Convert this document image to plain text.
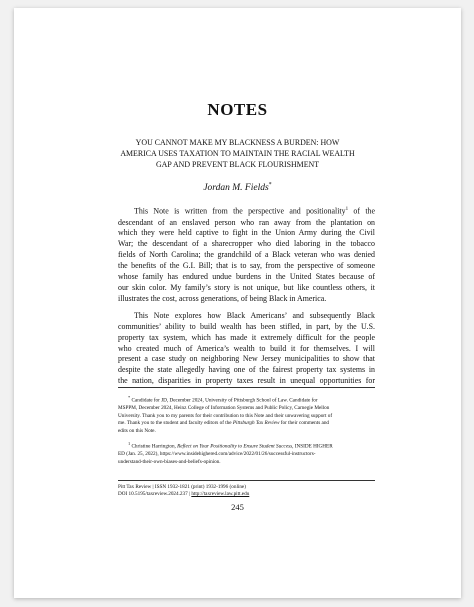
NOTES
YOU CANNOT MAKE MY BLACKNESS A BURDEN: HOW
AMERICA USES TAXATION TO MAINTAIN THE RACIAL WEALTH
GAP AND PREVENT BLACK FLOURISHMENT
Jordan M. Fields*

This Note is written from the perspective and positionality$^1$ of the
descendant of an enslaved person who ran away from the plantation on
which they were held captive to fight in the Union Army during the Civil
War; the descendant of a sharecropper who died laboring in the tobacco
fields of North Carolina; the grandchild of a Black veteran who was denied
the benefits of the G.I. Bill; that is to say, from the perspective of someone
whose family has endured undue burdens in the United States because of
our skin color. My family’s story is not unique, but like countless others, it
illustrates the cost, across generations, of being Black in America.

This Note explores how Black Americans’ and subsequently Black
communities’ ability to build wealth has been stifled, in part, by the U.S.
property tax system, which has made it extremely difficult for the people
who created much of America’s wealth to build it for themselves. I will
present a case study on neighboring New Jersey municipalities to show that
despite the state allegedly having one of the fairest property tax systems in
the nation, disparities in property taxes result in unequal opportunities for

* Candidate for JD, December 2024, University of Pittsburgh School of Law. Candidate for
MSPPM, December 2024, Heinz College of Information Systems and Public Policy, Carnegie Mellon
University. Thank you to my parents for their contribution to this Note and their unwavering support of
me. Thank you to the student and faculty editors of the Pittsburgh Tax Review for their comments and
edits on this Note.

$^1$ Christine Harrington, Reflect on Your Positionality to Ensure Student Success, INSIDE HIGHER
ED (Jan. 25, 2022), https://www.insidehighered.com/advice/2022/01/26/successful-instructors-
understand-their-own-biases-and-beliefs-opinion.

Pitt Tax Review | ISSN 1932-1821 (print) 1932-1996 (online)
DOI 10.5195/taxreview.2024.237 | http://taxreview.law.pitt.edu
245
